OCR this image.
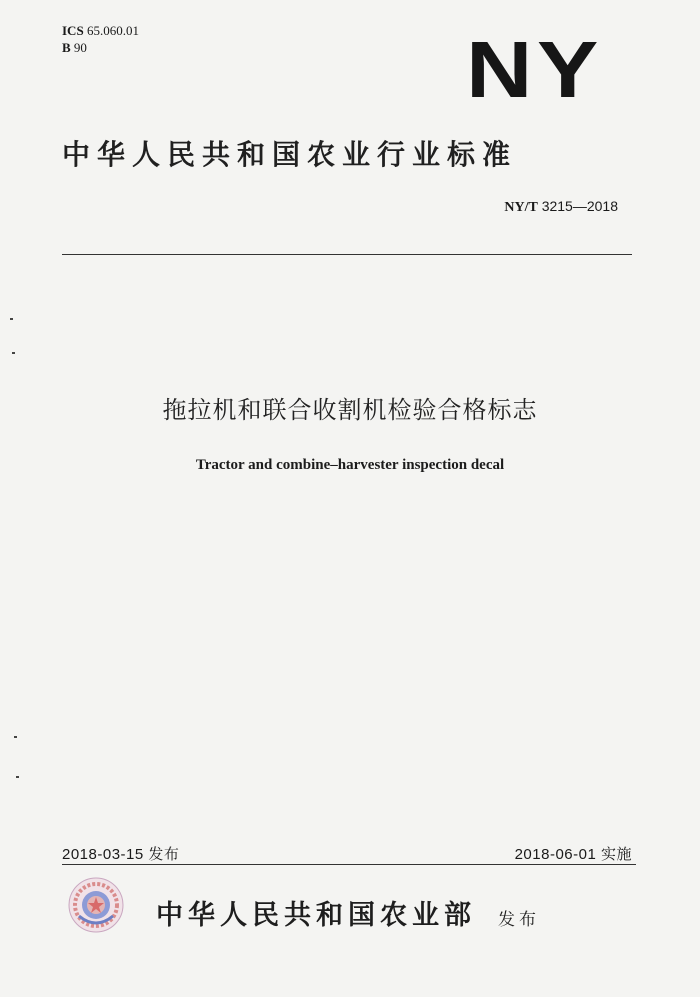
ICS 65.060.01
B 90	NY
中华人民共和国农业行业标准
NY/T 3215—2018
拖拉机和联合收割机检验合格标志
Tractor and combine–harvester inspection decal
2018-03-15 发布	2018-06-01 实施
中华人民共和国农业部 发布
